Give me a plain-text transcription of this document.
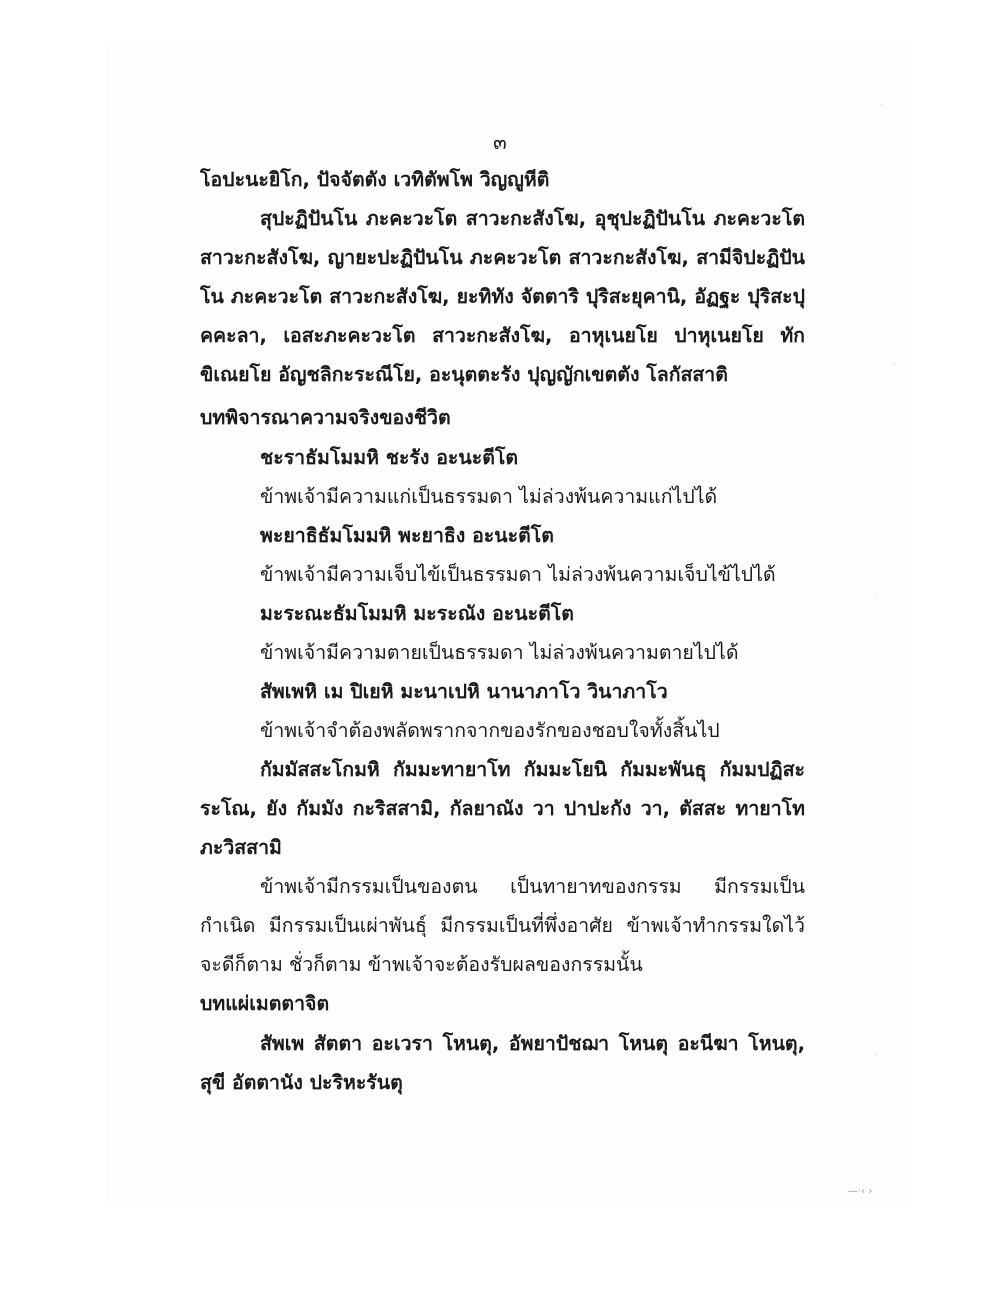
๓

โอปะนะยิโก, ปัจจัตตัง เวทิตัพโพ วิญญูหีติ

สุปะฏิปันโน ภะคะวะโต สาวะกะสังโฆ, อุชุปะฏิปันโน ภะคะวะโต สาวะกะสังโฆ, ญายะปะฏิปันโน ภะคะวะโต สาวะกะสังโฆ, สามีจิปะฏิปันโน ภะคะวะโต สาวะกะสังโฆ, ยะทิทัง จัตตาริ ปุริสะยุคานิ, อัฏฐะ ปุริสะปุคคะลา, เอสะภะคะวะโต สาวะกะสังโฆ, อาหุเนยโย ปาหุเนยโย ทักขิเณยโย อัญชลิกะระณีโย, อะนุตตะรัง ปุญญักเขตตัง โลกัสสาติ

บทพิจารณาความจริงของชีวิต

ชะราธัมโมมหิ ชะรัง อะนะตีโต

ข้าพเจ้ามีความแก่เป็นธรรมดา ไม่ล่วงพ้นความแก่ไปได้

พะยาธิธัมโมมหิ พะยาธิง อะนะตีโต

ข้าพเจ้ามีความเจ็บไข้เป็นธรรมดา ไม่ล่วงพ้นความเจ็บไข้ไปได้

มะระณะธัมโมมหิ มะระณัง อะนะตีโต

ข้าพเจ้ามีความตายเป็นธรรมดา ไม่ล่วงพ้นความตายไปได้

สัพเพหิ เม ปิเยหิ มะนาเปหิ นานาภาโว วินาภาโว

ข้าพเจ้าจำต้องพลัดพรากจากของรักของชอบใจทั้งสิ้นไป

กัมมัสสะโกมหิ กัมมะทายาโท กัมมะโยนิ กัมมะพันธุ กัมมปฏิสะระโณ, ยัง กัมมัง กะริสสามิ, กัลยาณัง วา ปาปะกัง วา, ตัสสะ ทายาโท ภะวิสสามิ

ข้าพเจ้ามีกรรมเป็นของตน เป็นทายาทของกรรม มีกรรมเป็นกำเนิด มีกรรมเป็นเผ่าพันธุ์ มีกรรมเป็นที่พึ่งอาศัย ข้าพเจ้าทำกรรมใดไว้ จะดีก็ตาม ชั่วก็ตาม ข้าพเจ้าจะต้องรับผลของกรรมนั้น

บทแผ่เมตตาจิต

สัพเพ สัตตา อะเวรา โหนตุ, อัพยาปัชฌา โหนตุ อะนีฆา โหนตุ, สุขี อัตตานัง ปะริหะรันตุ

·
·
·
·
—·‹ ›
